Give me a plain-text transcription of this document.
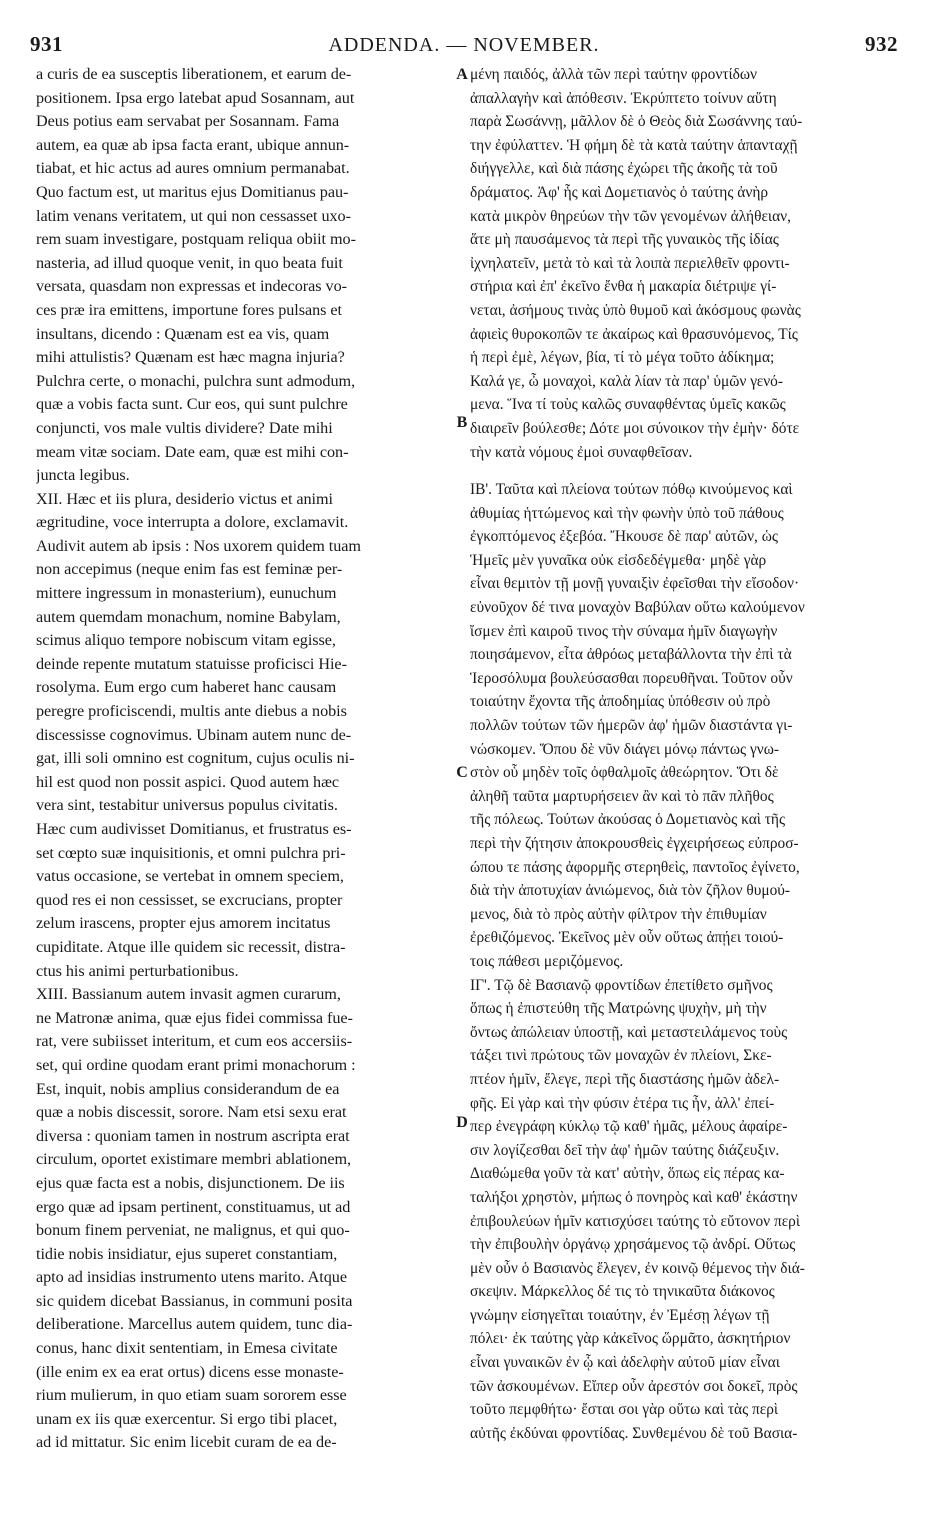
931	ADDENDA. — NOVEMBER.	932
a curis de ea susceptis liberationem, et earum de-
positionem. Ipsa ergo latebat apud Sosannam, aut
Deus potius eam servabat per Sosannam. Fama
autem, ea quæ ab ipsa facta erant, ubique annun-
tiabat, et hic actus ad aures omnium permanabat.
Quo factum est, ut maritus ejus Domitianus pau-
latim venans veritatem, ut qui non cessasset uxo-
rem suam investigare, postquam reliqua obiit mo-
nasteria, ad illud quoque venit, in quo beata fuit
versata, quasdam non expressas et indecoras vo-
ces præ ira emittens, importune fores pulsans et
insultans, dicendo : Quænam est ea vis, quam
mihi attulistis? Quænam est hæc magna injuria?
Pulchra certe, o monachi, pulchra sunt admodum,
quæ a vobis facta sunt. Cur eos, qui sunt pulchre
conjuncti, vos male vultis dividere? Date mihi
meam vitæ sociam. Date eam, quæ est mihi con-
juncta legibus.
XII. Hæc et iis plura, desiderio victus et animi
ægritudine, voce interrupta a dolore, exclamavit.
Audivit autem ab ipsis : Nos uxorem quidem tuam
non accepimus (neque enim fas est feminæ per-
mittere ingressum in monasterium), eunuchum
autem quemdam monachum, nomine Babylam,
scimus aliquo tempore nobiscum vitam egisse,
deinde repente mutatum statuisse proficisci Hie-
rosolyma. Eum ergo cum haberet hanc causam
peregre proficiscendi, multis ante diebus a nobis
discessisse cognovimus. Ubinam autem nunc de-
gat, illi soli omnino est cognitum, cujus oculis ni-
hil est quod non possit aspici. Quod autem hæc
vera sint, testabitur universus populus civitatis.
Hæc cum audivisset Domitianus, et frustratus es-
set cœpto suæ inquisitionis, et omni pulchra pri-
vatus occasione, se vertebat in omnem speciem,
quod res ei non cessisset, se excrucians, propter
zelum irascens, propter ejus amorem incitatus
cupiditate. Atque ille quidem sic recessit, distra-
ctus his animi perturbationibus.
XIII. Bassianum autem invasit agmen curarum,
ne Matronæ anima, quæ ejus fidei commissa fue-
rat, vere subiisset interitum, et cum eos accersiis-
set, qui ordine quodam erant primi monachorum :
Est, inquit, nobis amplius considerandum de ea
quæ a nobis discessit, sorore. Nam etsi sexu erat
diversa : quoniam tamen in nostrum ascripta erat
circulum, oportet existimare membri ablationem,
ejus quæ facta est a nobis, disjunctionem. De iis
ergo quæ ad ipsam pertinent, constituamus, ut ad
bonum finem perveniat, ne malignus, et qui quo-
tidie nobis insidiatur, ejus superet constantiam,
apto ad insidias instrumento utens marito. Atque
sic quidem dicebat Bassianus, in communi posita
deliberatione. Marcellus autem quidem, tunc dia-
conus, hanc dixit sententiam, in Emesa civitate
(ille enim ex ea erat ortus) dicens esse monaste-
rium mulierum, in quo etiam suam sororem esse
unam ex iis quæ exercentur. Si ergo tibi placet,
ad id mittatur. Sic enim licebit curam de ea de-
μένη παιδός, ἀλλὰ τῶν περὶ ταύτην φροντίδων
ἀπαλλαγὴν καὶ ἀπόθεσιν. Ἐκρύπτετο τοίνυν αὕτη
παρὰ Σωσάννῃ, μᾶλλον δὲ ὁ Θεὸς διὰ Σωσάννης ταύ-
την ἐφύλαττεν. Ἡ φήμη δὲ τὰ κατὰ ταύτην ἁπανταχῇ
διήγγελλε, καὶ διὰ πάσης ἐχώρει τῆς ἀκοῆς τὰ τοῦ
δράματος. Ἀφ' ἧς καὶ Δομετιανὸς ὁ ταύτης ἀνὴρ
κατὰ μικρὸν θηρεύων τὴν τῶν γενομένων ἀλήθειαν,
ἅτε μὴ παυσάμενος τὰ περὶ τῆς γυναικὸς τῆς ἰδίας
ἰχνηλατεῖν, μετὰ τὸ καὶ τὰ λοιπὰ περιελθεῖν φροντι-
στήρια καὶ ἐπ' ἐκεῖνο ἔνθα ἡ μακαρία διέτριψε γί-
νεται, ἀσήμους τινὰς ὑπὸ θυμοῦ καὶ ἀκόσμους φωνὰς
ἀφιεὶς θυροκοπῶν τε ἀκαίρως καὶ θρασυνόμενος, Τίς
ἡ περὶ ἐμὲ, λέγων, βία, τί τὸ μέγα τοῦτο ἀδίκημα;
Καλά γε, ὦ μοναχοὶ, καλὰ λίαν τὰ παρ' ὑμῶν γενό-
μενα. Ἵνα τί τοὺς καλῶς συναφθέντας ὑμεῖς κακῶς
διαιρεῖν βούλεσθε; Δότε μοι σύνοικον τὴν ἐμὴν· δότε
τὴν κατὰ νόμους ἐμοὶ συναφθεῖσαν.
ΙΒ'. Ταῦτα καὶ πλείονα τούτων πόθῳ κινούμενος καὶ
ἀθυμίας ἡττώμενος καὶ τὴν φωνὴν ὑπὸ τοῦ πάθους
ἐγκοπτόμενος ἐξεβόα. Ἤκουσε δὲ παρ' αὐτῶν, ὡς
Ἡμεῖς μὲν γυναῖκα οὐκ εἰσδεδέγμεθα· μηδὲ γὰρ
εἶναι θεμιτὸν τῇ μονῇ γυναιξὶν ἐφεῖσθαι τὴν εἴσοδον·
εὐνοῦχον δέ τινα μοναχὸν Βαβύλαν οὕτω καλούμενον
ἴσμεν ἐπὶ καιροῦ τινος τὴν σύναμα ἡμῖν διαγωγὴν
ποιησάμενον, εἶτα ἀθρόως μεταβάλλοντα τὴν ἐπὶ τὰ
Ἱεροσόλυμα βουλεύσασθαι πορευθῆναι. Τοῦτον οὖν
τοιαύτην ἔχοντα τῆς ἀποδημίας ὑπόθεσιν οὐ πρὸ
πολλῶν τούτων τῶν ἡμερῶν ἀφ' ἡμῶν διαστάντα γι-
νώσκομεν. Ὅπου δὲ νῦν διάγει μόνῳ πάντως γνω-
στὸν οὗ μηδὲν τοῖς ὀφθαλμοῖς ἀθεώρητον. Ὅτι δὲ
ἀληθῆ ταῦτα μαρτυρήσειεν ἂν καὶ τὸ πᾶν πλῆθος
τῆς πόλεως. Τούτων ἀκούσας ὁ Δομετιανὸς καὶ τῆς
περὶ τὴν ζήτησιν ἀποκρουσθεὶς ἐγχειρήσεως εὐπροσ-
ώπου τε πάσης ἀφορμῆς στερηθεὶς, παντοῖος ἐγίνετο,
διὰ τὴν ἀποτυχίαν ἀνιώμενος, διὰ τὸν ζῆλον θυμού-
μενος, διὰ τὸ πρὸς αὐτὴν φίλτρον τὴν ἐπιθυμίαν
ἐρεθιζόμενος. Ἐκεῖνος μὲν οὖν οὕτως ἀπῄει τοιού-
τοις πάθεσι μεριζόμενος.
ΙΓ'. Τῷ δὲ Βασιανῷ φροντίδων ἐπετίθετο σμῆνος
ὅπως ἡ ἐπιστεύθη τῆς Ματρώνης ψυχὴν, μὴ τὴν
ὄντως ἀπώλειαν ὑποστῇ, καὶ μεταστειλάμενος τοὺς
τάξει τινὶ πρώτους τῶν μοναχῶν ἐν πλείονι, Σκε-
πτέον ἡμῖν, ἔλεγε, περὶ τῆς διαστάσης ἡμῶν ἀδελ-
φῆς. Εἰ γὰρ καὶ τὴν φύσιν ἑτέρα τις ἦν, ἀλλ' ἐπεί-
περ ἐνεγράφη κύκλῳ τῷ καθ' ἡμᾶς, μέλους ἀφαίρε-
σιν λογίζεσθαι δεῖ τὴν ἀφ' ἡμῶν ταύτης διάζευξιν.
Διαθώμεθα γοῦν τὰ κατ' αὐτὴν, ὅπως εἰς πέρας κα-
ταλήξοι χρηστὸν, μήπως ὁ πονηρὸς καὶ καθ' ἑκάστην
ἐπιβουλεύων ἡμῖν κατισχύσει ταύτης τὸ εὔτονον περὶ
τὴν ἐπιβουλὴν ὀργάνῳ χρησάμενος τῷ ἀνδρί. Οὕτως
μὲν οὖν ὁ Βασιανὸς ἔλεγεν, ἐν κοινῷ θέμενος τὴν διά-
σκεψιν. Μάρκελλος δέ τις τὸ τηνικαῦτα διάκονος
γνώμην εἰσηγεῖται τοιαύτην, ἐν Ἐμέσῃ λέγων τῇ
πόλει· ἐκ ταύτης γὰρ κἀκεῖνος ὥρμᾶτο, ἀσκητήριον
εἶναι γυναικῶν ἐν ᾧ καὶ ἀδελφὴν αὐτοῦ μίαν εἶναι
τῶν ἀσκουμένων. Εἴπερ οὖν ἀρεστόν σοι δοκεῖ, πρὸς
τοῦτο πεμφθήτω· ἔσται σοι γὰρ οὕτω καὶ τὰς περὶ
αὐτῆς ἐκδύναι φροντίδας. Συνθεμένου δὲ τοῦ Βασια-
A
B
C
D
